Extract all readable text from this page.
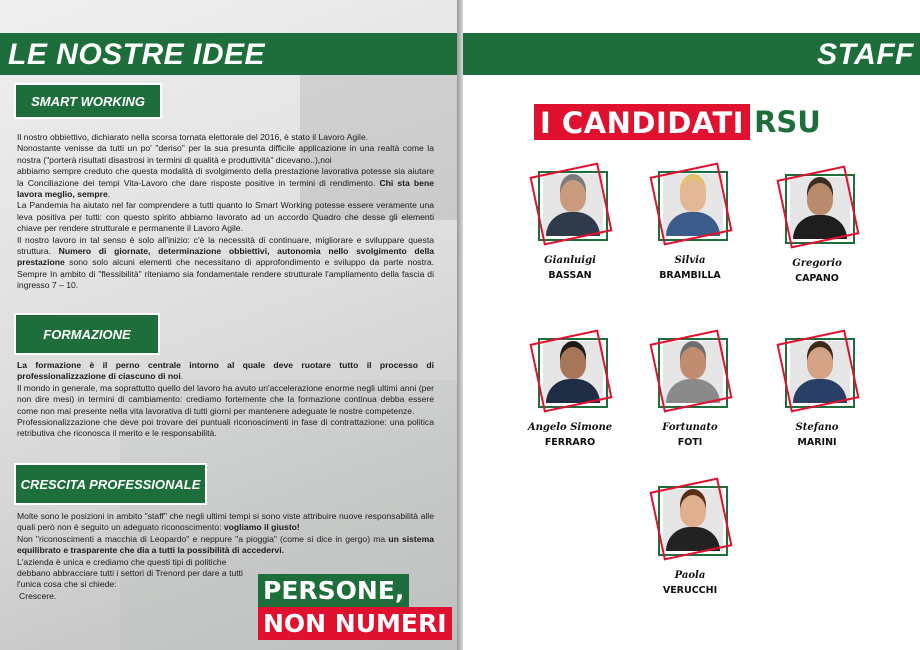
LE NOSTRE IDEE	STAFF
SMART WORKING

Il nostro obbiettivo, dichiarato nella scorsa tornata elettorale del 2016, è stato il Lavoro Agile.

Nonostante venisse da tutti un po' "deriso" per la sua presunta difficile applicazione in una realtà come la nostra ("porterà risultati disastrosi in termini di qualità e produttività" dicevano..),noi

abbiamo sempre creduto che questa modalità di svolgimento della prestazione lavorativa potesse sia aiutare la Conciliazione dei tempi Vita-Lavoro che dare risposte positive in termini di rendimento. Chi sta bene lavora meglio, sempre.

La Pandemia ha aiutato nel far comprendere a tutti quanto lo Smart Working potesse essere veramente una leva positiva per tutti: con questo spirito abbiamo lavorato ad un accordo Quadro che desse gli elementi chiave per rendere strutturale e permanente il Lavoro Agile.

Il nostro lavoro in tal senso è solo all'inizio: c'è la necessità di continuare, migliorare e sviluppare questa struttura. Numero di giornate, determinazione obbiettivi, autonomia nello svolgimento della prestazione sono solo alcuni elementi che necessitano di approfondimento e sviluppo da parte nostra. Sempre In ambito di "flessibilità" riteniamo sia fondamentale rendere strutturale l'ampliamento della fascia di ingresso 7 – 10.

FORMAZIONE

La formazione è il perno centrale intorno al quale deve ruotare tutto il processo di professionalizzazione di ciascuno di noi.

Il mondo in generale, ma soprattutto quello del lavoro ha avuto un'accelerazione enorme negli ultimi anni (per non dire mesi) in termini di cambiamento: crediamo fortemente che la formazione continua debba essere come non mai presente nella vita lavorativa di tutti giorni per mantenere adeguate le nostre competenze.

Professionalizzazione che deve poi trovare dei puntuali riconoscimenti in fase di contrattazione: una politica retributiva che riconosca il merito e le responsabilità.

CRESCITA PROFESSIONALE

Molte sono le posizioni in ambito "staff" che negli ultimi tempi si sono viste attribuire nuove responsabilità alle quali però non è seguito un adeguato riconoscimento: vogliamo il giusto!

Non "riconoscimenti a macchia di Leopardo" e neppure "a pioggia" (come si dice in gergo) ma un sistema equilibrato e trasparente che dia a tutti la possibilità di accedervi.

L'azienda è unica e crediamo che questi tipi di politiche debbano abbracciare tutti i settori di Trenord per dare a tutti l'unica cosa che si chiede:

Crescere.	PERSONE,
NON NUMERI
I CANDIDATI RSU
Gianluigi
BASSAN
Silvia
BRAMBILLA
Gregorio
CAPANO
Angelo Simone
FERRARO
Fortunato
FOTI
Stefano
MARINI
Paola
VERUCCHI
